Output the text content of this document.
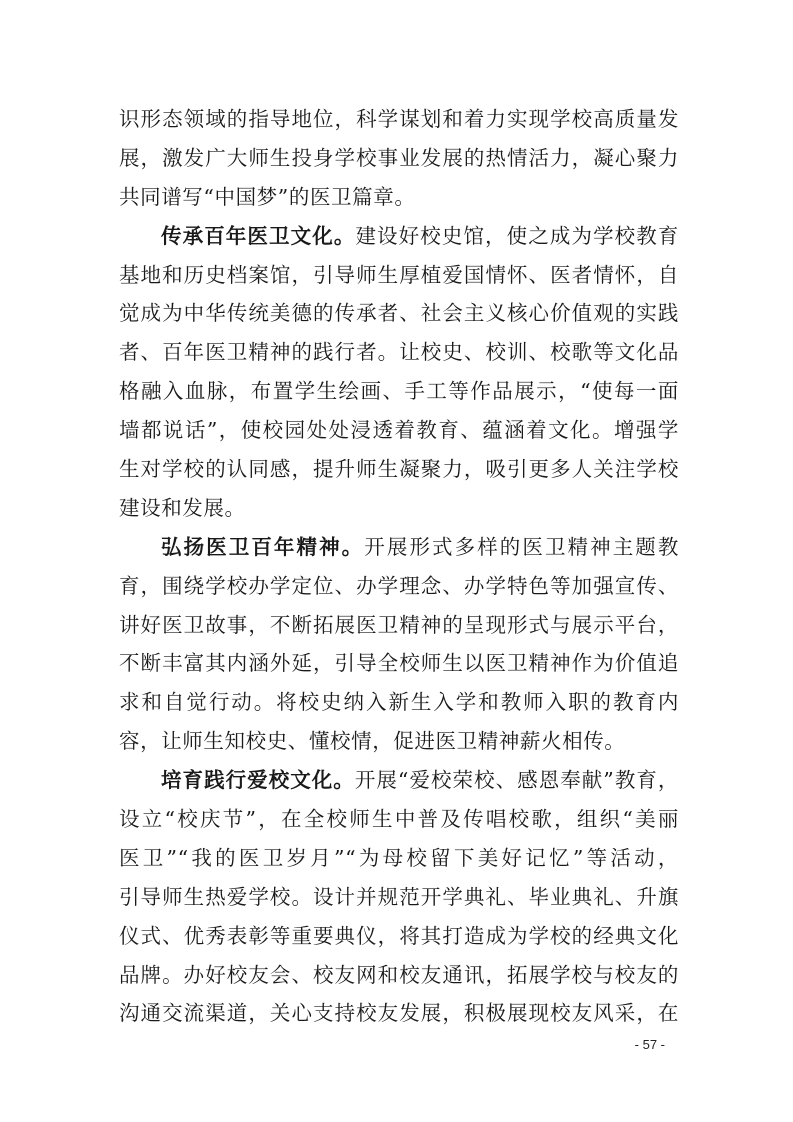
识形态领域的指导地位，科学谋划和着力实现学校高质量发
展，激发广大师生投身学校事业发展的热情活力，凝心聚力
共同谱写“中国梦”的医卫篇章。
传承百年医卫文化。建设好校史馆，使之成为学校教育
基地和历史档案馆，引导师生厚植爱国情怀、医者情怀，自
觉成为中华传统美德的传承者、社会主义核心价值观的实践
者、百年医卫精神的践行者。让校史、校训、校歌等文化品
格融入血脉，布置学生绘画、手工等作品展示，“使每一面
墙都说话”，使校园处处浸透着教育、蕴涵着文化。增强学
生对学校的认同感，提升师生凝聚力，吸引更多人关注学校
建设和发展。
弘扬医卫百年精神。开展形式多样的医卫精神主题教
育，围绕学校办学定位、办学理念、办学特色等加强宣传、
讲好医卫故事，不断拓展医卫精神的呈现形式与展示平台，
不断丰富其内涵外延，引导全校师生以医卫精神作为价值追
求和自觉行动。将校史纳入新生入学和教师入职的教育内
容，让师生知校史、懂校情，促进医卫精神薪火相传。
培育践行爱校文化。开展“爱校荣校、感恩奉献”教育，
设立“校庆节”，在全校师生中普及传唱校歌，组织“美丽
医卫”“我的医卫岁月”“为母校留下美好记忆”等活动，
引导师生热爱学校。设计并规范开学典礼、毕业典礼、升旗
仪式、优秀表彰等重要典仪，将其打造成为学校的经典文化
品牌。办好校友会、校友网和校友通讯，拓展学校与校友的
沟通交流渠道，关心支持校友发展，积极展现校友风采，在
- 57 -
